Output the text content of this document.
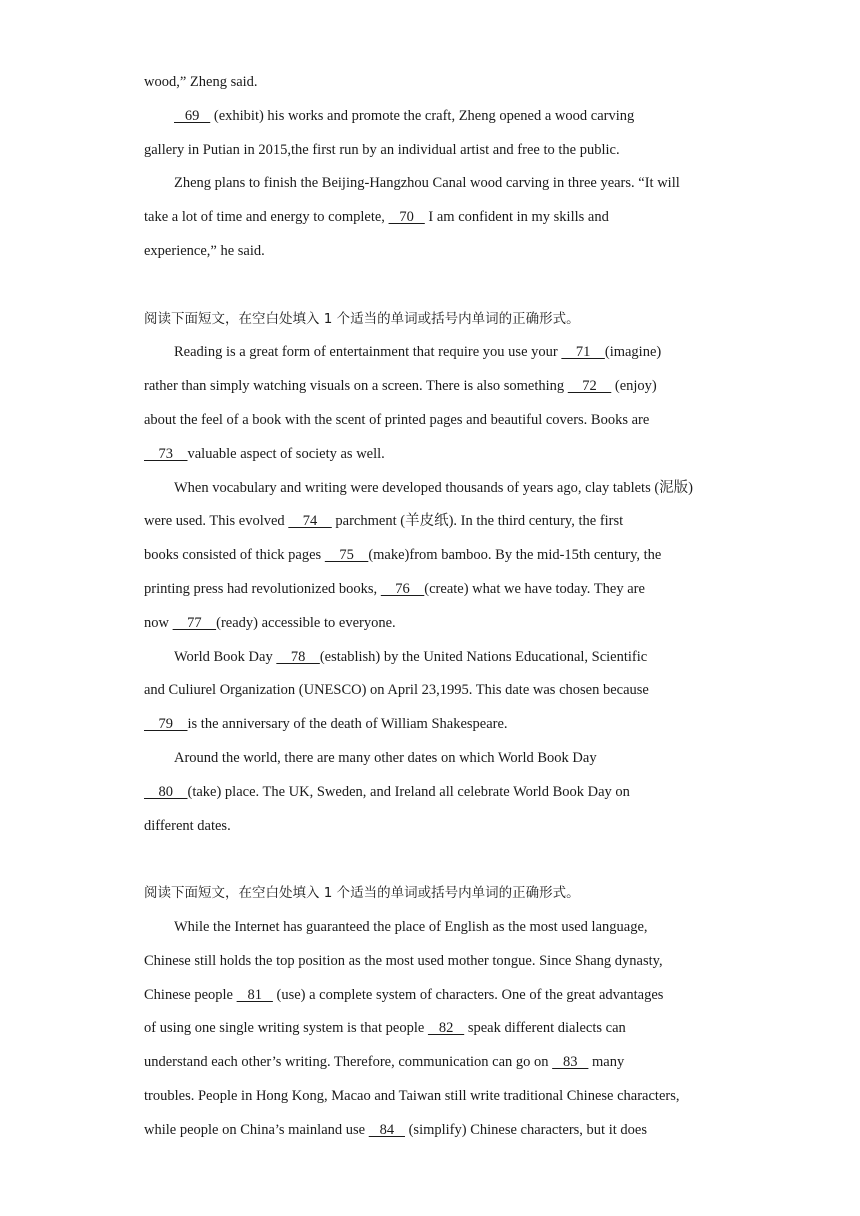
wood,” Zheng said.
69    (exhibit) his works and promote the craft, Zheng opened a wood carving
gallery in Putian in 2015,the first run by an individual artist and free to the public.
Zheng plans to finish the Beijing-Hangzhou Canal wood carving in three years. “It will
take a lot of time and energy to complete,    70    I am confident in my skills and
experience,” he said.
阅读下面短文，在空白处填入 1 个适当的单词或括号内单词的正确形式。
Reading is a great form of entertainment that require you use your     71    (imagine)
rather than simply watching visuals on a screen. There is also something     72     (enjoy)
about the feel of a book with the scent of printed pages and beautiful covers. Books are
73    valuable aspect of society as well.
When vocabulary and writing were developed thousands of years ago, clay tablets (泥版)
were used. This evolved     74     parchment (羊皮纸). In the third century, the first
books consisted of thick pages     75    (make)from bamboo. By the mid-15th century, the
printing press had revolutionized books,     76    (create) what we have today. They are
now     77    (ready) accessible to everyone.
World Book Day     78    (establish) by the United Nations Educational, Scientific
and Culiurel Organization (UNESCO) on April 23,1995. This date was chosen because
79    is the anniversary of the death of William Shakespeare.
Around the world, there are many other dates on which World Book Day
80    (take) place. The UK, Sweden, and Ireland all celebrate World Book Day on
different dates.
阅读下面短文，在空白处填入 1 个适当的单词或括号内单词的正确形式。
While the Internet has guaranteed the place of English as the most used language,
Chinese still holds the top position as the most used mother tongue. Since Shang dynasty,
Chinese people    81    (use) a complete system of characters. One of the great advantages
of using one single writing system is that people    82    speak different dialects can
understand each other’s writing. Therefore, communication can go on    83    many
troubles. People in Hong Kong, Macao and Taiwan still write traditional Chinese characters,
while people on China’s mainland use    84    (simplify) Chinese characters, but it does
